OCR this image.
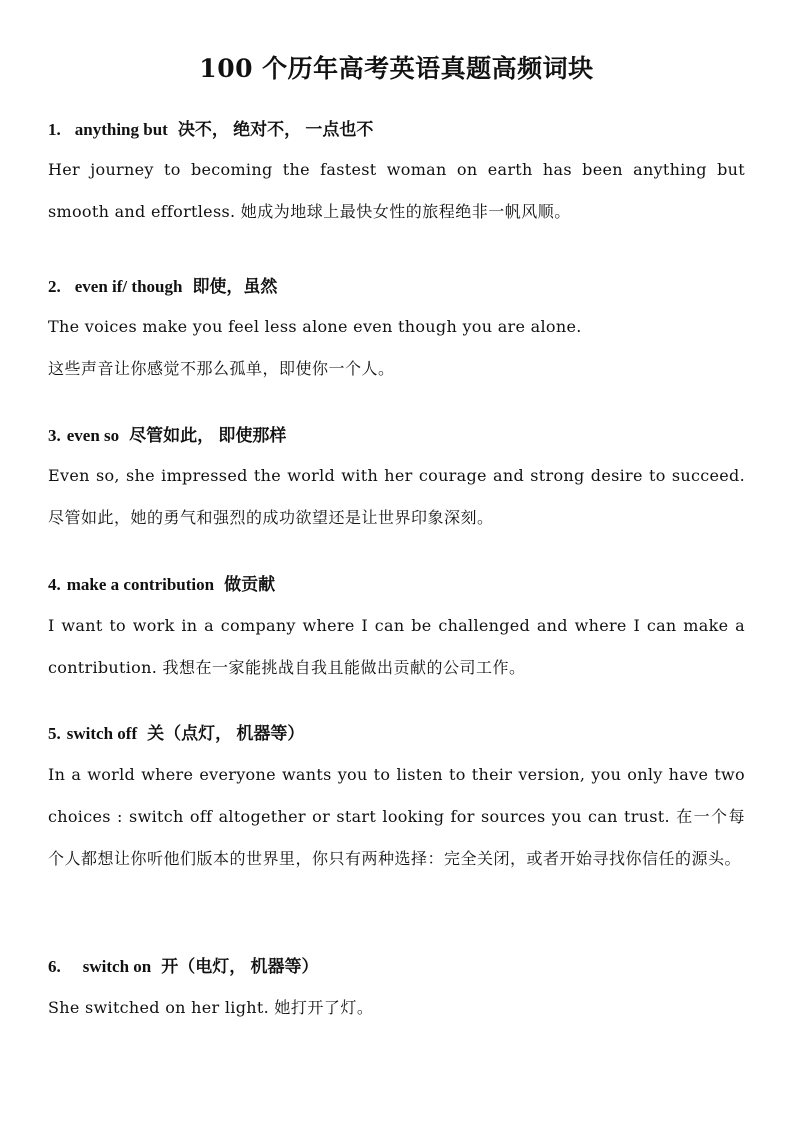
100 个历年高考英语真题高频词块
1. anything but 决不， 绝对不， 一点也不

Her journey to becoming the fastest woman on earth has been anything but smooth and effortless. 她成为地球上最快女性的旅程绝非一帆风顺。

2. even if/ though 即使，虽然

The voices make you feel less alone even though you are alone.
这些声音让你感觉不那么孤单，即使你一个人。

3. even so 尽管如此， 即使那样

Even so, she impressed the world with her courage and strong desire to succeed. 尽管如此，她的勇气和强烈的成功欲望还是让世界印象深刻。

4. make a contribution 做贡献

I want to work in a company where I can be challenged and where I can make a contribution. 我想在一家能挑战自我且能做出贡献的公司工作。

5. switch off 关（点灯， 机器等）

In a world where everyone wants you to listen to their version, you only have two choices : switch off altogether or start looking for sources you can trust. 在一个每个人都想让你听他们版本的世界里，你只有两种选择：完全关闭，或者开始寻找你信任的源头。

6. switch on 开（电灯， 机器等）

She switched on her light. 她打开了灯。
